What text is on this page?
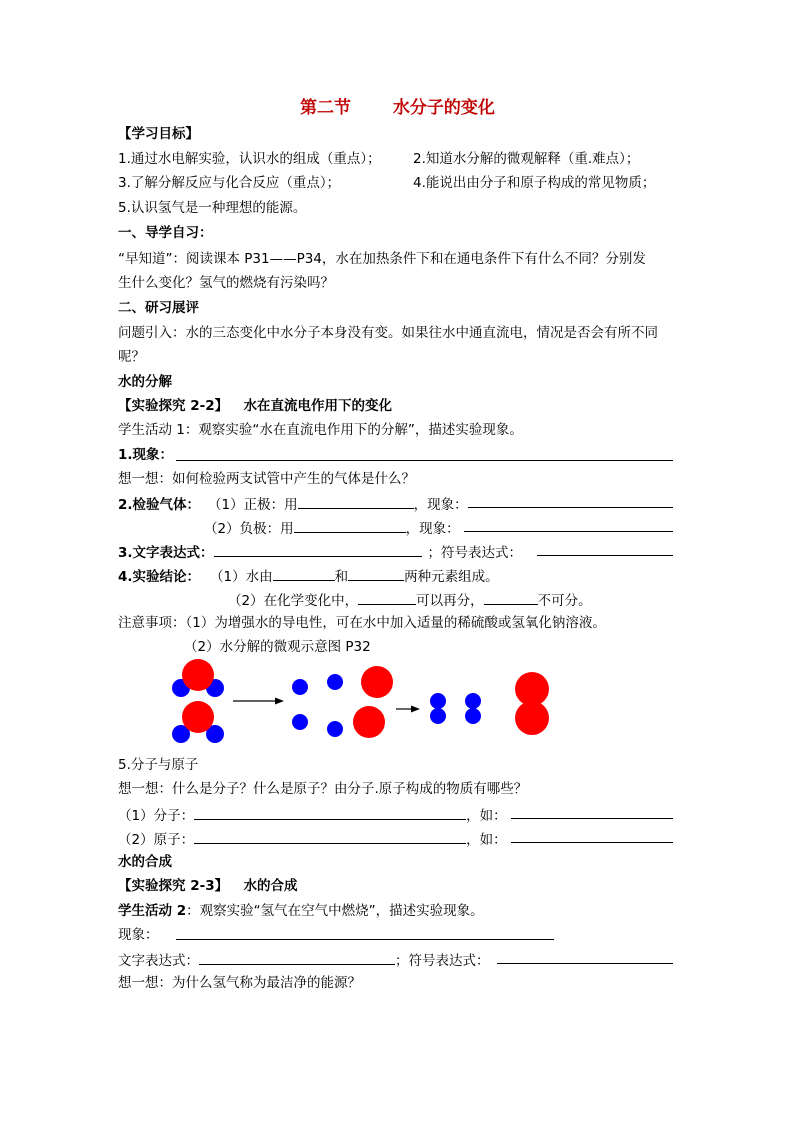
第二节 水分子的变化
【学习目标】
1.通过水电解实验，认识水的组成（重点）； 2.知道水分解的微观解释（重.难点）；
3.了解分解反应与化合反应（重点）；	4.能说出由分子和原子构成的常见物质；
5.认识氢气是一种理想的能源。
一、导学自习：
“早知道”：阅读课本 P31——P34，水在加热条件下和在通电条件下有什么不同？分别发
生什么变化？氢气的燃烧有污染吗？
二、研习展评
问题引入：水的三态变化中水分子本身没有变。如果往水中通直流电，情况是否会有所不同
呢？
水的分解
【实验探究 2-2】 水在直流电作用下的变化
学生活动 1：观察实验“水在直流电作用下的分解”，描述实验现象。
1.现象：
想一想：如何检验两支试管中产生的气体是什么？
2.检验气体： （1）正极：用	，现象：
（2）负极：用	，现象：
3.文字表达式：	；符号表达式：
4.实验结论： （1）水由	和	两种元素组成。
（2）在化学变化中，	可以再分，	不可分。
注意事项：（1）为增强水的导电性，可在水中加入适量的稀硫酸或氢氧化钠溶液。
（2）水分解的微观示意图 P32
5.分子与原子
想一想：什么是分子？什么是原子？由分子.原子构成的物质有哪些？
（1）分子：	，如：
（2）原子：	，如：
水的合成
【实验探究 2-3】 水的合成
学生活动 2：观察实验“氢气在空气中燃烧”，描述实验现象。
现象：
文字表达式：	；符号表达式：
想一想：为什么氢气称为最洁净的能源？
